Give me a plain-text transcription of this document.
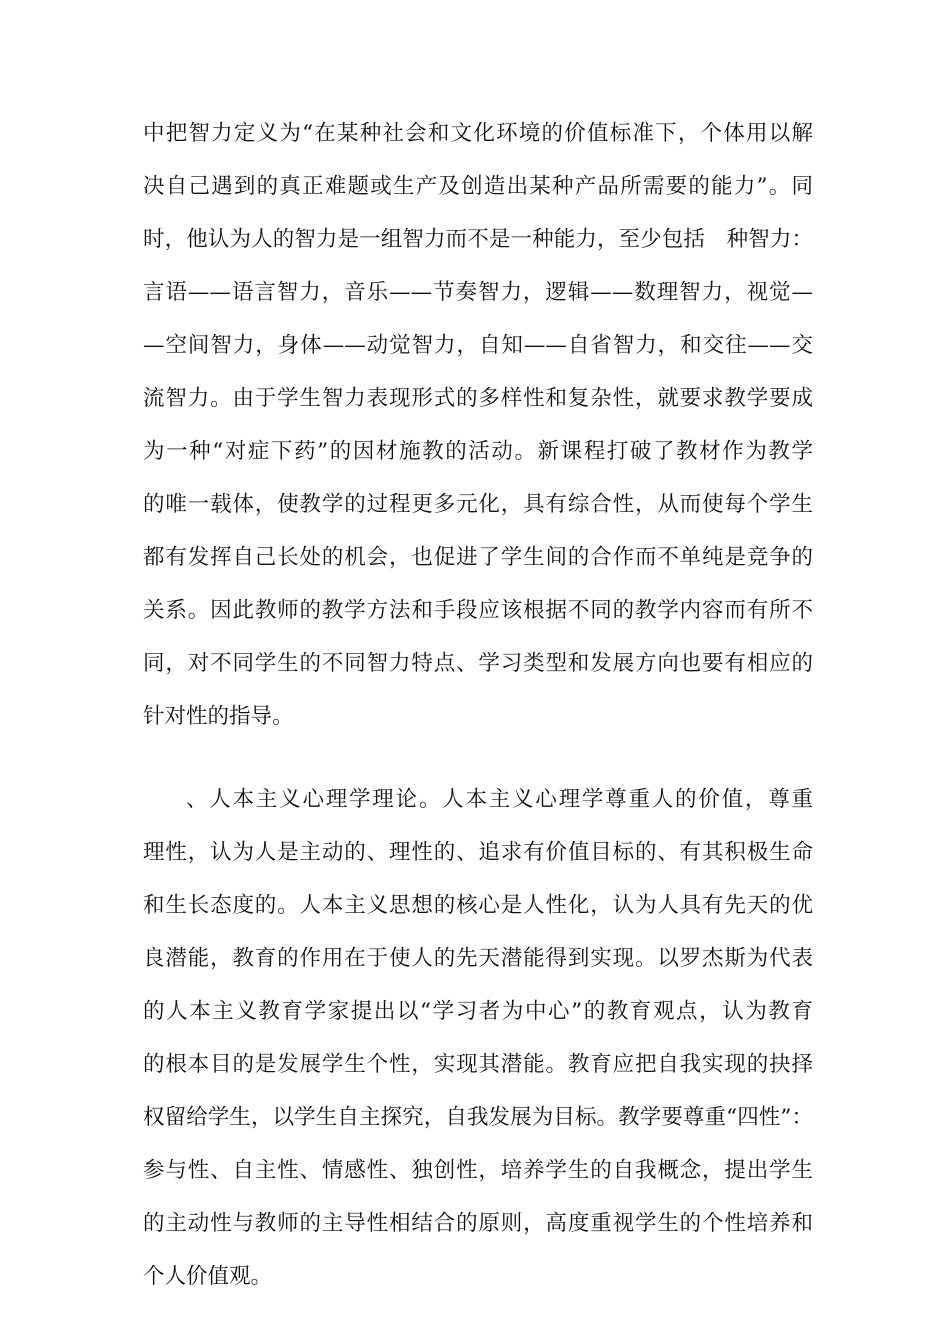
中把智力定义为“在某种社会和文化环境的价值标准下，个体用以解
决自己遇到的真正难题或生产及创造出某种产品所需要的能力”。同
时，他认为人的智力是一组智力而不是一种能力，至少包括　种智力：
言语——语言智力，音乐——节奏智力，逻辑——数理智力，视觉—
—空间智力，身体——动觉智力，自知——自省智力，和交往——交
流智力。由于学生智力表现形式的多样性和复杂性，就要求教学要成
为一种“对症下药”的因材施教的活动。新课程打破了教材作为教学
的唯一载体，使教学的过程更多元化，具有综合性，从而使每个学生
都有发挥自己长处的机会，也促进了学生间的合作而不单纯是竞争的
关系。因此教师的教学方法和手段应该根据不同的教学内容而有所不
同，对不同学生的不同智力特点、学习类型和发展方向也要有相应的
针对性的指导。
、人本主义心理学理论。人本主义心理学尊重人的价值，尊重
理性，认为人是主动的、理性的、追求有价值目标的、有其积极生命
和生长态度的。人本主义思想的核心是人性化，认为人具有先天的优
良潜能，教育的作用在于使人的先天潜能得到实现。以罗杰斯为代表
的人本主义教育学家提出以“学习者为中心”的教育观点，认为教育
的根本目的是发展学生个性，实现其潜能。教育应把自我实现的抉择
权留给学生，以学生自主探究，自我发展为目标。教学要尊重“四性”：
参与性、自主性、情感性、独创性，培养学生的自我概念，提出学生
的主动性与教师的主导性相结合的原则，高度重视学生的个性培养和
个人价值观。
